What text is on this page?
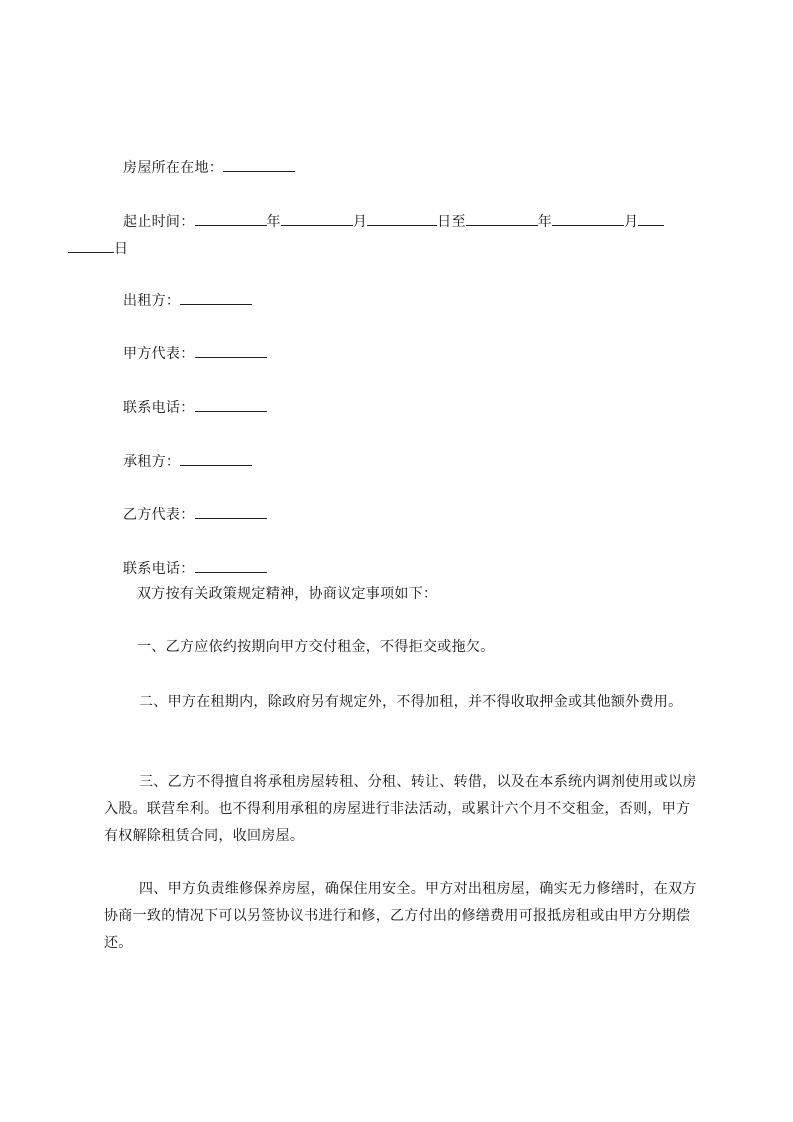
房屋所在在地：

起止时间：	年	月	日至	年	月
日

出租方：

甲方代表：

联系电话：

承租方：

乙方代表：

联系电话：

双方按有关政策规定精神，协商议定事项如下：
一、乙方应依约按期向甲方交付租金，不得拒交或拖欠。
二、甲方在租期内，除政府另有规定外，不得加租，并不得收取押金或其他额外费用。
三、乙方不得擅自将承租房屋转租、分租、转让、转借，以及在本系统内调剂使用或以房入股。联营牟利。也不得利用承租的房屋进行非法活动，或累计六个月不交租金，否则，甲方有权解除租赁合同，收回房屋。
四、甲方负责维修保养房屋，确保住用安全。甲方对出租房屋，确实无力修缮时，在双方协商一致的情况下可以另签协议书进行和修，乙方付出的修缮费用可报抵房租或由甲方分期偿还。
